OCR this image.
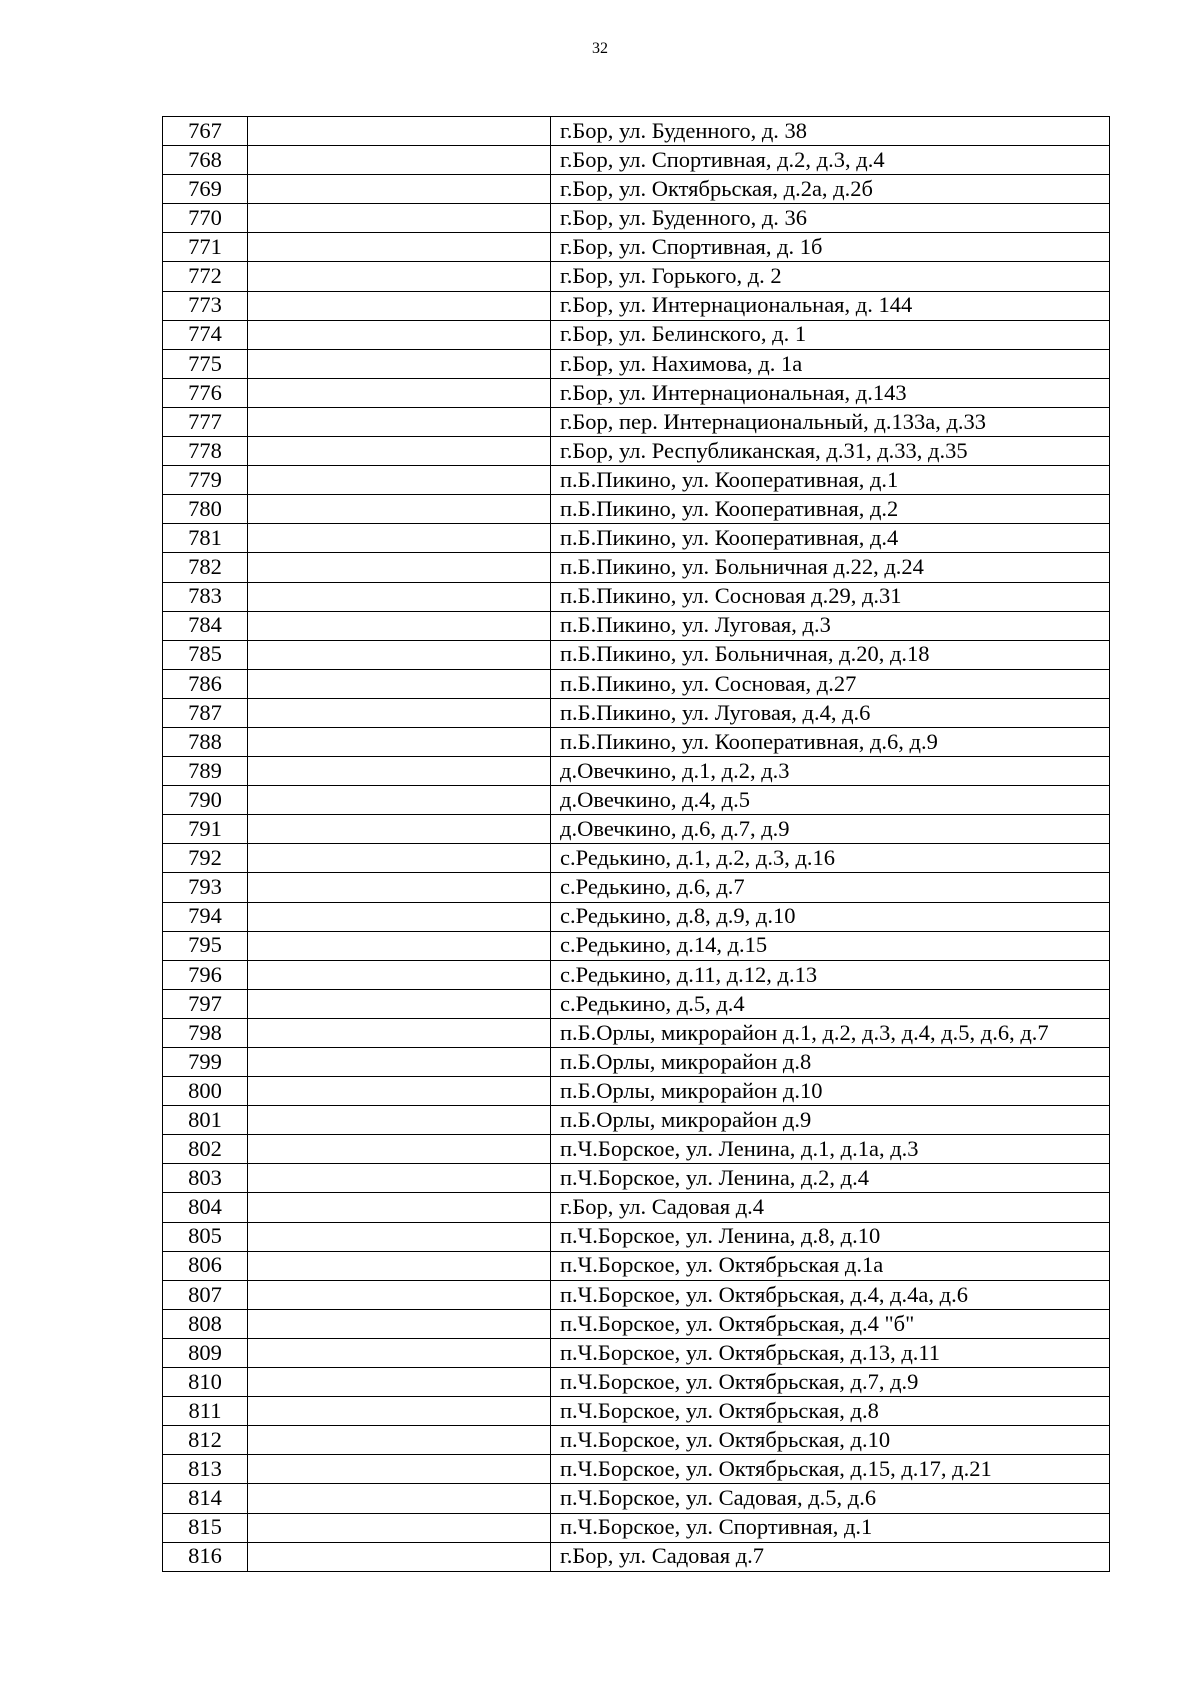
32
767		г.Бор, ул. Буденного, д. 38
768		г.Бор, ул. Спортивная, д.2, д.3, д.4
769		г.Бор, ул. Октябрьская, д.2а, д.2б
770		г.Бор, ул. Буденного, д. 36
771		г.Бор, ул. Спортивная, д. 1б
772		г.Бор, ул. Горького, д. 2
773		г.Бор, ул. Интернациональная, д. 144
774		г.Бор, ул. Белинского, д. 1
775		г.Бор, ул. Нахимова, д. 1а
776		г.Бор, ул. Интернациональная, д.143
777		г.Бор, пер. Интернациональный, д.133а, д.33
778		г.Бор, ул. Республиканская, д.31, д.33, д.35
779		п.Б.Пикино, ул. Кооперативная, д.1
780		п.Б.Пикино, ул. Кооперативная, д.2
781		п.Б.Пикино, ул. Кооперативная, д.4
782		п.Б.Пикино, ул. Больничная д.22, д.24
783		п.Б.Пикино, ул. Сосновая д.29, д.31
784		п.Б.Пикино, ул. Луговая, д.3
785		п.Б.Пикино, ул. Больничная, д.20, д.18
786		п.Б.Пикино, ул. Сосновая, д.27
787		п.Б.Пикино, ул. Луговая, д.4, д.6
788		п.Б.Пикино, ул. Кооперативная, д.6, д.9
789		д.Овечкино, д.1, д.2, д.3
790		д.Овечкино, д.4, д.5
791		д.Овечкино, д.6, д.7, д.9
792		с.Редькино, д.1, д.2, д.3, д.16
793		с.Редькино, д.6, д.7
794		с.Редькино, д.8, д.9, д.10
795		с.Редькино, д.14, д.15
796		с.Редькино, д.11, д.12, д.13
797		с.Редькино, д.5, д.4
798		п.Б.Орлы, микрорайон д.1, д.2, д.3, д.4, д.5, д.6, д.7
799		п.Б.Орлы, микрорайон д.8
800		п.Б.Орлы, микрорайон д.10
801		п.Б.Орлы, микрорайон д.9
802		п.Ч.Борское, ул. Ленина, д.1, д.1а, д.3
803		п.Ч.Борское, ул. Ленина, д.2, д.4
804		г.Бор, ул. Садовая д.4
805		п.Ч.Борское, ул. Ленина, д.8, д.10
806		п.Ч.Борское, ул. Октябрьская д.1а
807		п.Ч.Борское, ул. Октябрьская, д.4, д.4а, д.6
808		п.Ч.Борское, ул. Октябрьская, д.4 "б"
809		п.Ч.Борское, ул. Октябрьская, д.13, д.11
810		п.Ч.Борское, ул. Октябрьская, д.7, д.9
811		п.Ч.Борское, ул. Октябрьская, д.8
812		п.Ч.Борское, ул. Октябрьская, д.10
813		п.Ч.Борское, ул. Октябрьская, д.15, д.17, д.21
814		п.Ч.Борское, ул. Садовая, д.5, д.6
815		п.Ч.Борское, ул. Спортивная, д.1
816		г.Бор, ул. Садовая д.7
